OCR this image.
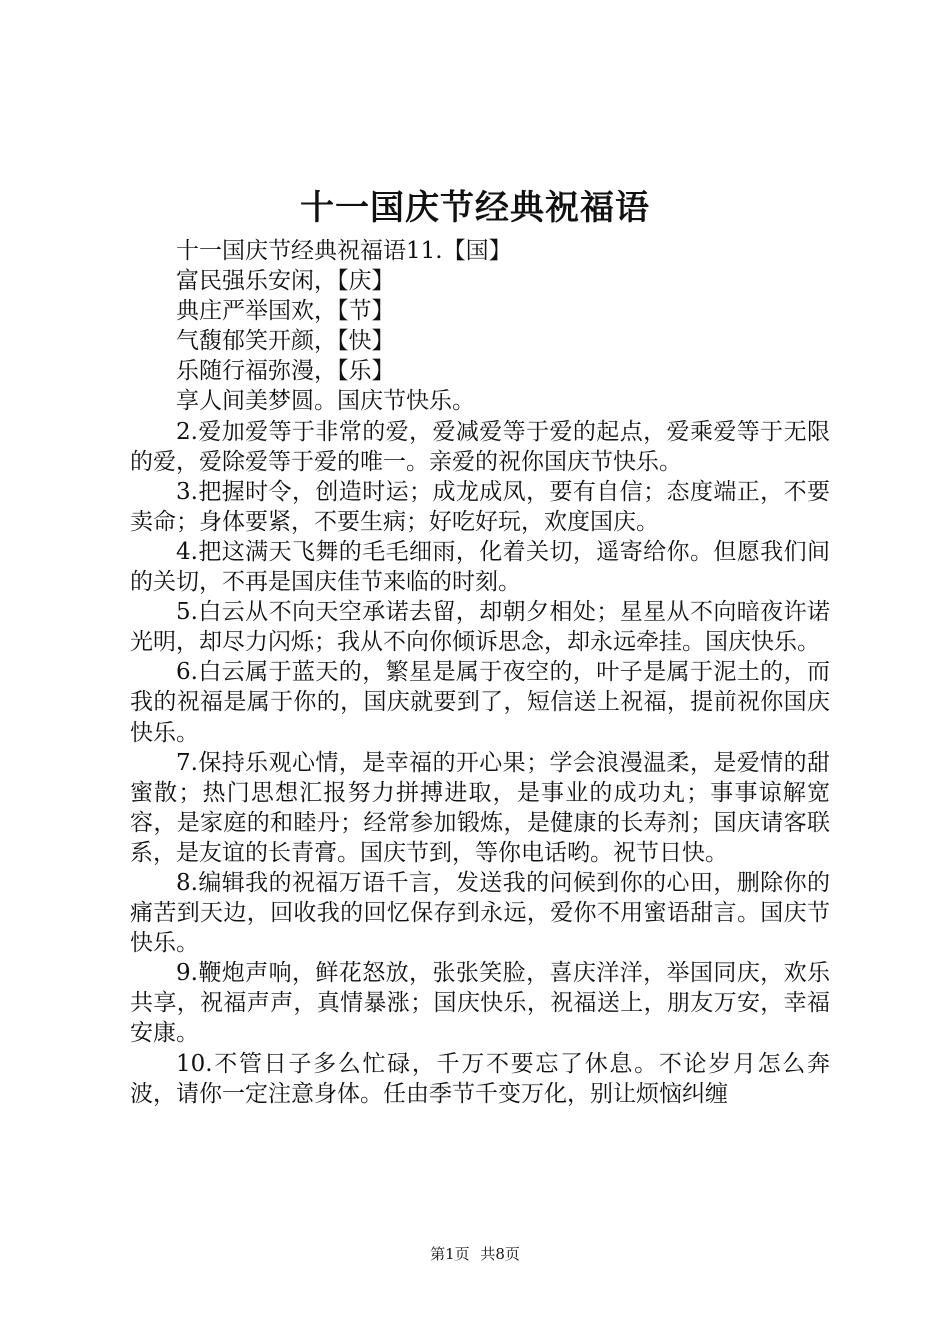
十一国庆节经典祝福语

十一国庆节经典祝福语11.【国】

富民强乐安闲，【庆】

典庄严举国欢，【节】

气馥郁笑开颜，【快】

乐随行福弥漫，【乐】

享人间美梦圆。国庆节快乐。

2.爱加爱等于非常的爱，爱减爱等于爱的起点，爱乘爱等于无限的爱，爱除爱等于爱的唯一。亲爱的祝你国庆节快乐。

3.把握时令，创造时运；成龙成凤，要有自信；态度端正，不要卖命；身体要紧，不要生病；好吃好玩，欢度国庆。

4.把这满天飞舞的毛毛细雨，化着关切，遥寄给你。但愿我们间的关切，不再是国庆佳节来临的时刻。

5.白云从不向天空承诺去留，却朝夕相处；星星从不向暗夜许诺光明，却尽力闪烁；我从不向你倾诉思念，却永远牵挂。国庆快乐。

6.白云属于蓝天的，繁星是属于夜空的，叶子是属于泥土的，而我的祝福是属于你的，国庆就要到了，短信送上祝福，提前祝你国庆快乐。

7.保持乐观心情，是幸福的开心果；学会浪漫温柔，是爱情的甜蜜散；热门思想汇报努力拼搏进取，是事业的成功丸；事事谅解宽容，是家庭的和睦丹；经常参加锻炼，是健康的长寿剂；国庆请客联系，是友谊的长青膏。国庆节到，等你电话哟。祝节日快。

8.编辑我的祝福万语千言，发送我的问候到你的心田，删除你的痛苦到天边，回收我的回忆保存到永远，爱你不用蜜语甜言。国庆节快乐。

9.鞭炮声响，鲜花怒放，张张笑脸，喜庆洋洋，举国同庆，欢乐共享，祝福声声，真情暴涨；国庆快乐，祝福送上，朋友万安，幸福安康。

10.不管日子多么忙碌，千万不要忘了休息。不论岁月怎么奔波，请你一定注意身体。任由季节千变万化，别让烦恼纠缠

第1页 共8页
